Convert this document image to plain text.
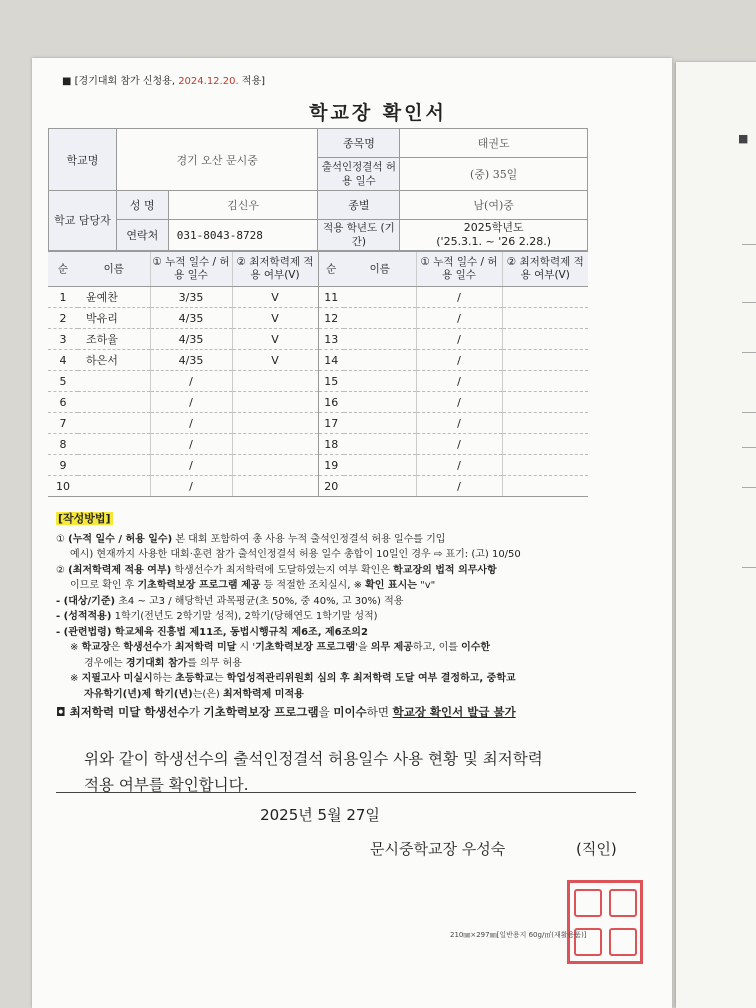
■
■ [경기대회 참가 신청용, 2024.12.20. 적용]
학교장 확인서
학교명	경기 오산 문시중		종목명	태권도
			출석인정결석 허용 일수	(중) 35일
학교 담당자	성 명	김신우	종별	남(여)중
	연락처	031-8043-8728	적용 학년도 (기간)	2025학년도
('25.3.1. ~ '26 2.28.)
순	이름	① 누적 일수 / 허용 일수	② 최저학력제 적용 여부(V)	순	이름	① 누적 일수 / 허용 일수	② 최저학력제 적용 여부(V)
1	윤예찬	3/35	V	11		/	
2	박유리	4/35	V	12		/	
3	조하율	4/35	V	13		/	
4	하은서	4/35	V	14		/	
5		/		15		/	
6		/		16		/	
7		/		17		/	
8		/		18		/	
9		/		19		/	
10		/		20		/	

[작성방법]

① (누적 일수 / 허용 일수) 본 대회 포함하여 총 사용 누적 출석인정결석 허용 일수를 기입

예시) 현재까지 사용한 대회·훈련 참가 출석인정결석 허용 일수 총합이 10일인 경우 ⇨ 표기: (고) 10/50

② (최저학력제 적용 여부) 학생선수가 최저학력에 도달하였는지 여부 확인은 학교장의 법적 의무사항

이므로 확인 후 기초학력보장 프로그램 제공 등 적절한 조치실시, ※ 확인 표시는 "v"

- (대상/기준) 초4 ~ 고3 / 해당학년 과목평균(초 50%, 중 40%, 고 30%) 적용

- (성적적용) 1학기(전년도 2학기말 성적), 2학기(당해연도 1학기말 성적)

- (관련법령) 학교체육 진흥법 제11조, 동법시행규칙 제6조, 제6조의2

※ 학교장은 학생선수가 최저학력 미달 시 '기초학력보장 프로그램'을 의무 제공하고, 이를 이수한

경우에는 경기대회 참가를 의무 허용

※ 지필고사 미실시하는 초등학교는 학업성적관리위원회 심의 후 최저학력 도달 여부 결정하고, 중학교

자유학기(년)제 학기(년)는(은) 최저학력제 미적용

◘ 최저학력 미달 학생선수가 기초학력보장 프로그램을 미이수하면 학교장 확인서 발급 불가

위와 같이 학생선수의 출석인정결석 허용일수 사용 현황 및 최저학력
적용 여부를 확인합니다.
2025년 5월 27일
문시중학교장 우성숙	(직인)
210㎜×297㎜[일반용지 60g/㎡(재활용품)]
